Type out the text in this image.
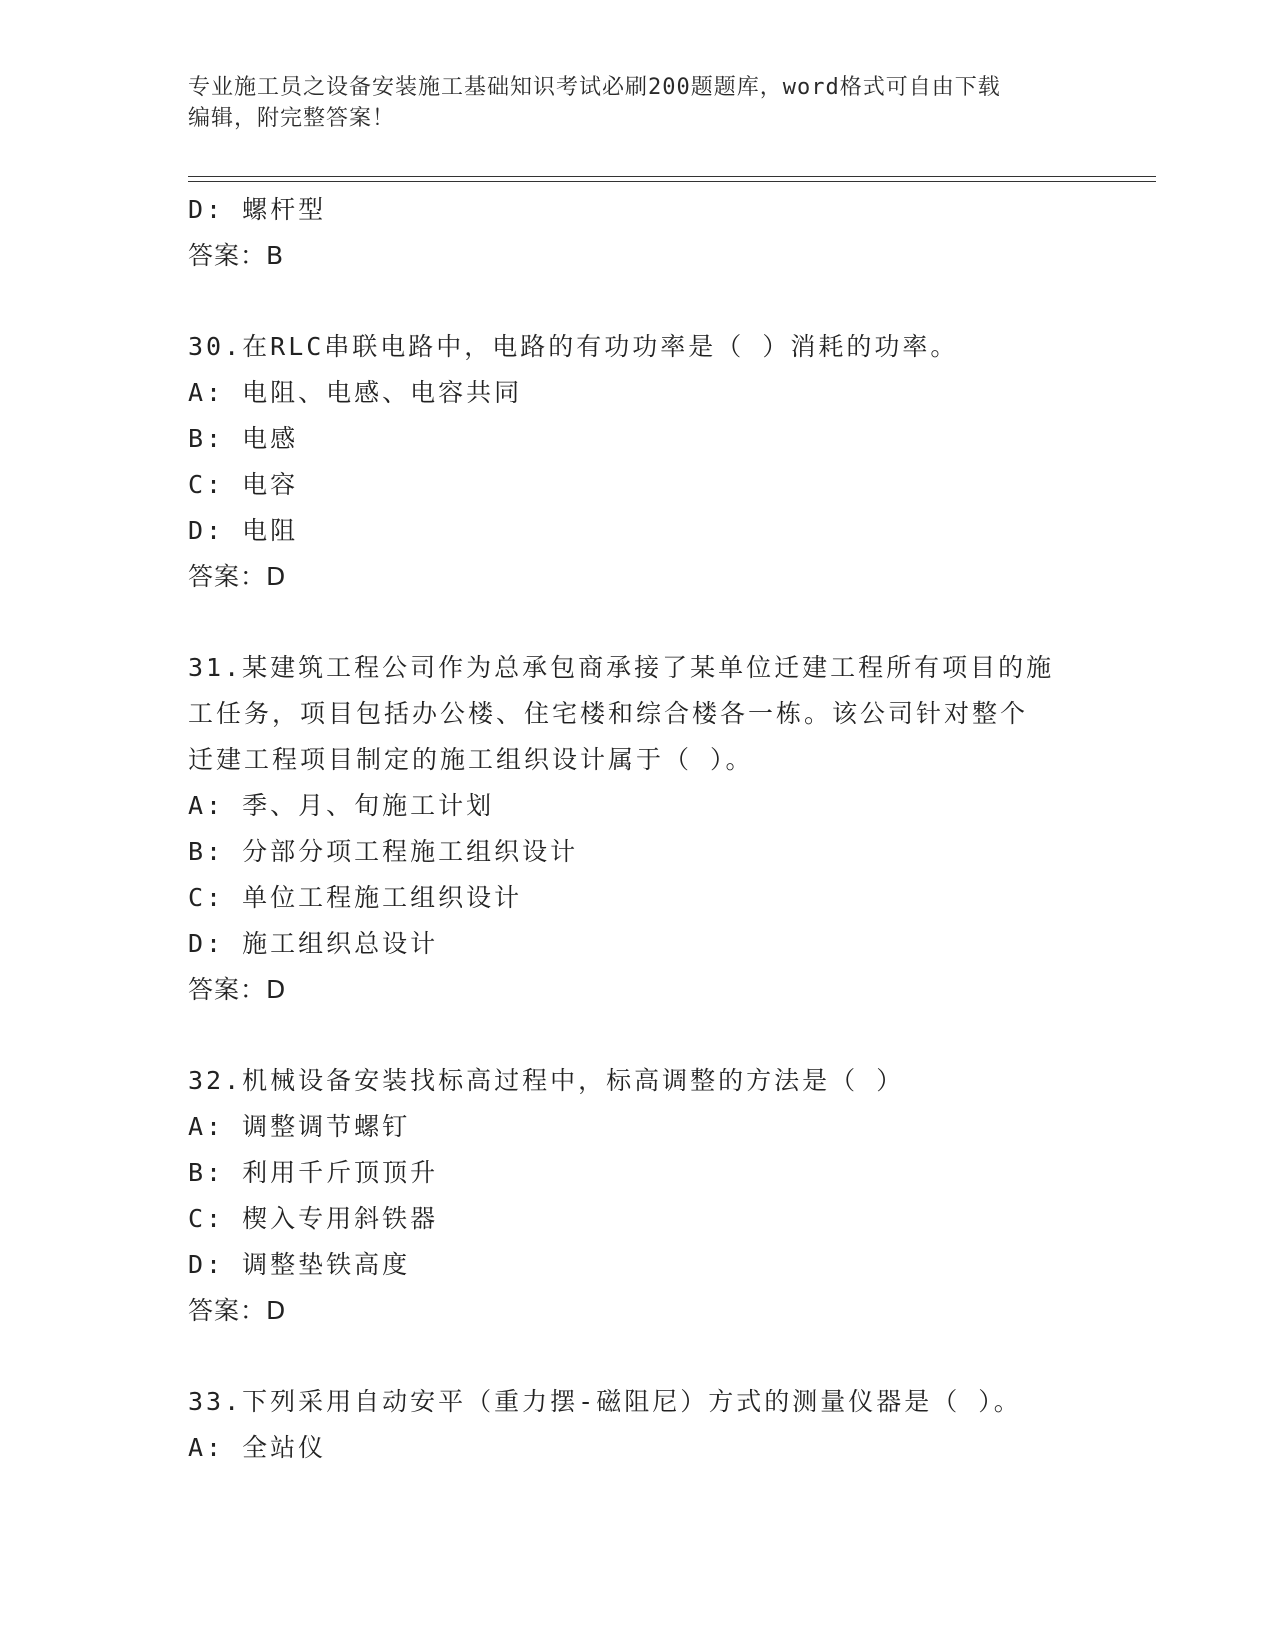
专业施工员之设备安装施工基础知识考试必刷200题题库，word格式可自由下载
编辑，附完整答案！
D: 螺杆型
答案：B
30.在RLC串联电路中，电路的有功功率是（ ）消耗的功率。
A: 电阻、电感、电容共同
B: 电感
C: 电容
D: 电阻
答案：D
31.某建筑工程公司作为总承包商承接了某单位迁建工程所有项目的施
工任务，项目包括办公楼、住宅楼和综合楼各一栋。该公司针对整个
迁建工程项目制定的施工组织设计属于（ ）。
A: 季、月、旬施工计划
B: 分部分项工程施工组织设计
C: 单位工程施工组织设计
D: 施工组织总设计
答案：D
32.机械设备安装找标高过程中，标高调整的方法是（ ）
A: 调整调节螺钉
B: 利用千斤顶顶升
C: 楔入专用斜铁器
D: 调整垫铁高度
答案：D
33.下列采用自动安平（重力摆-磁阻尼）方式的测量仪器是（ ）。
A: 全站仪
